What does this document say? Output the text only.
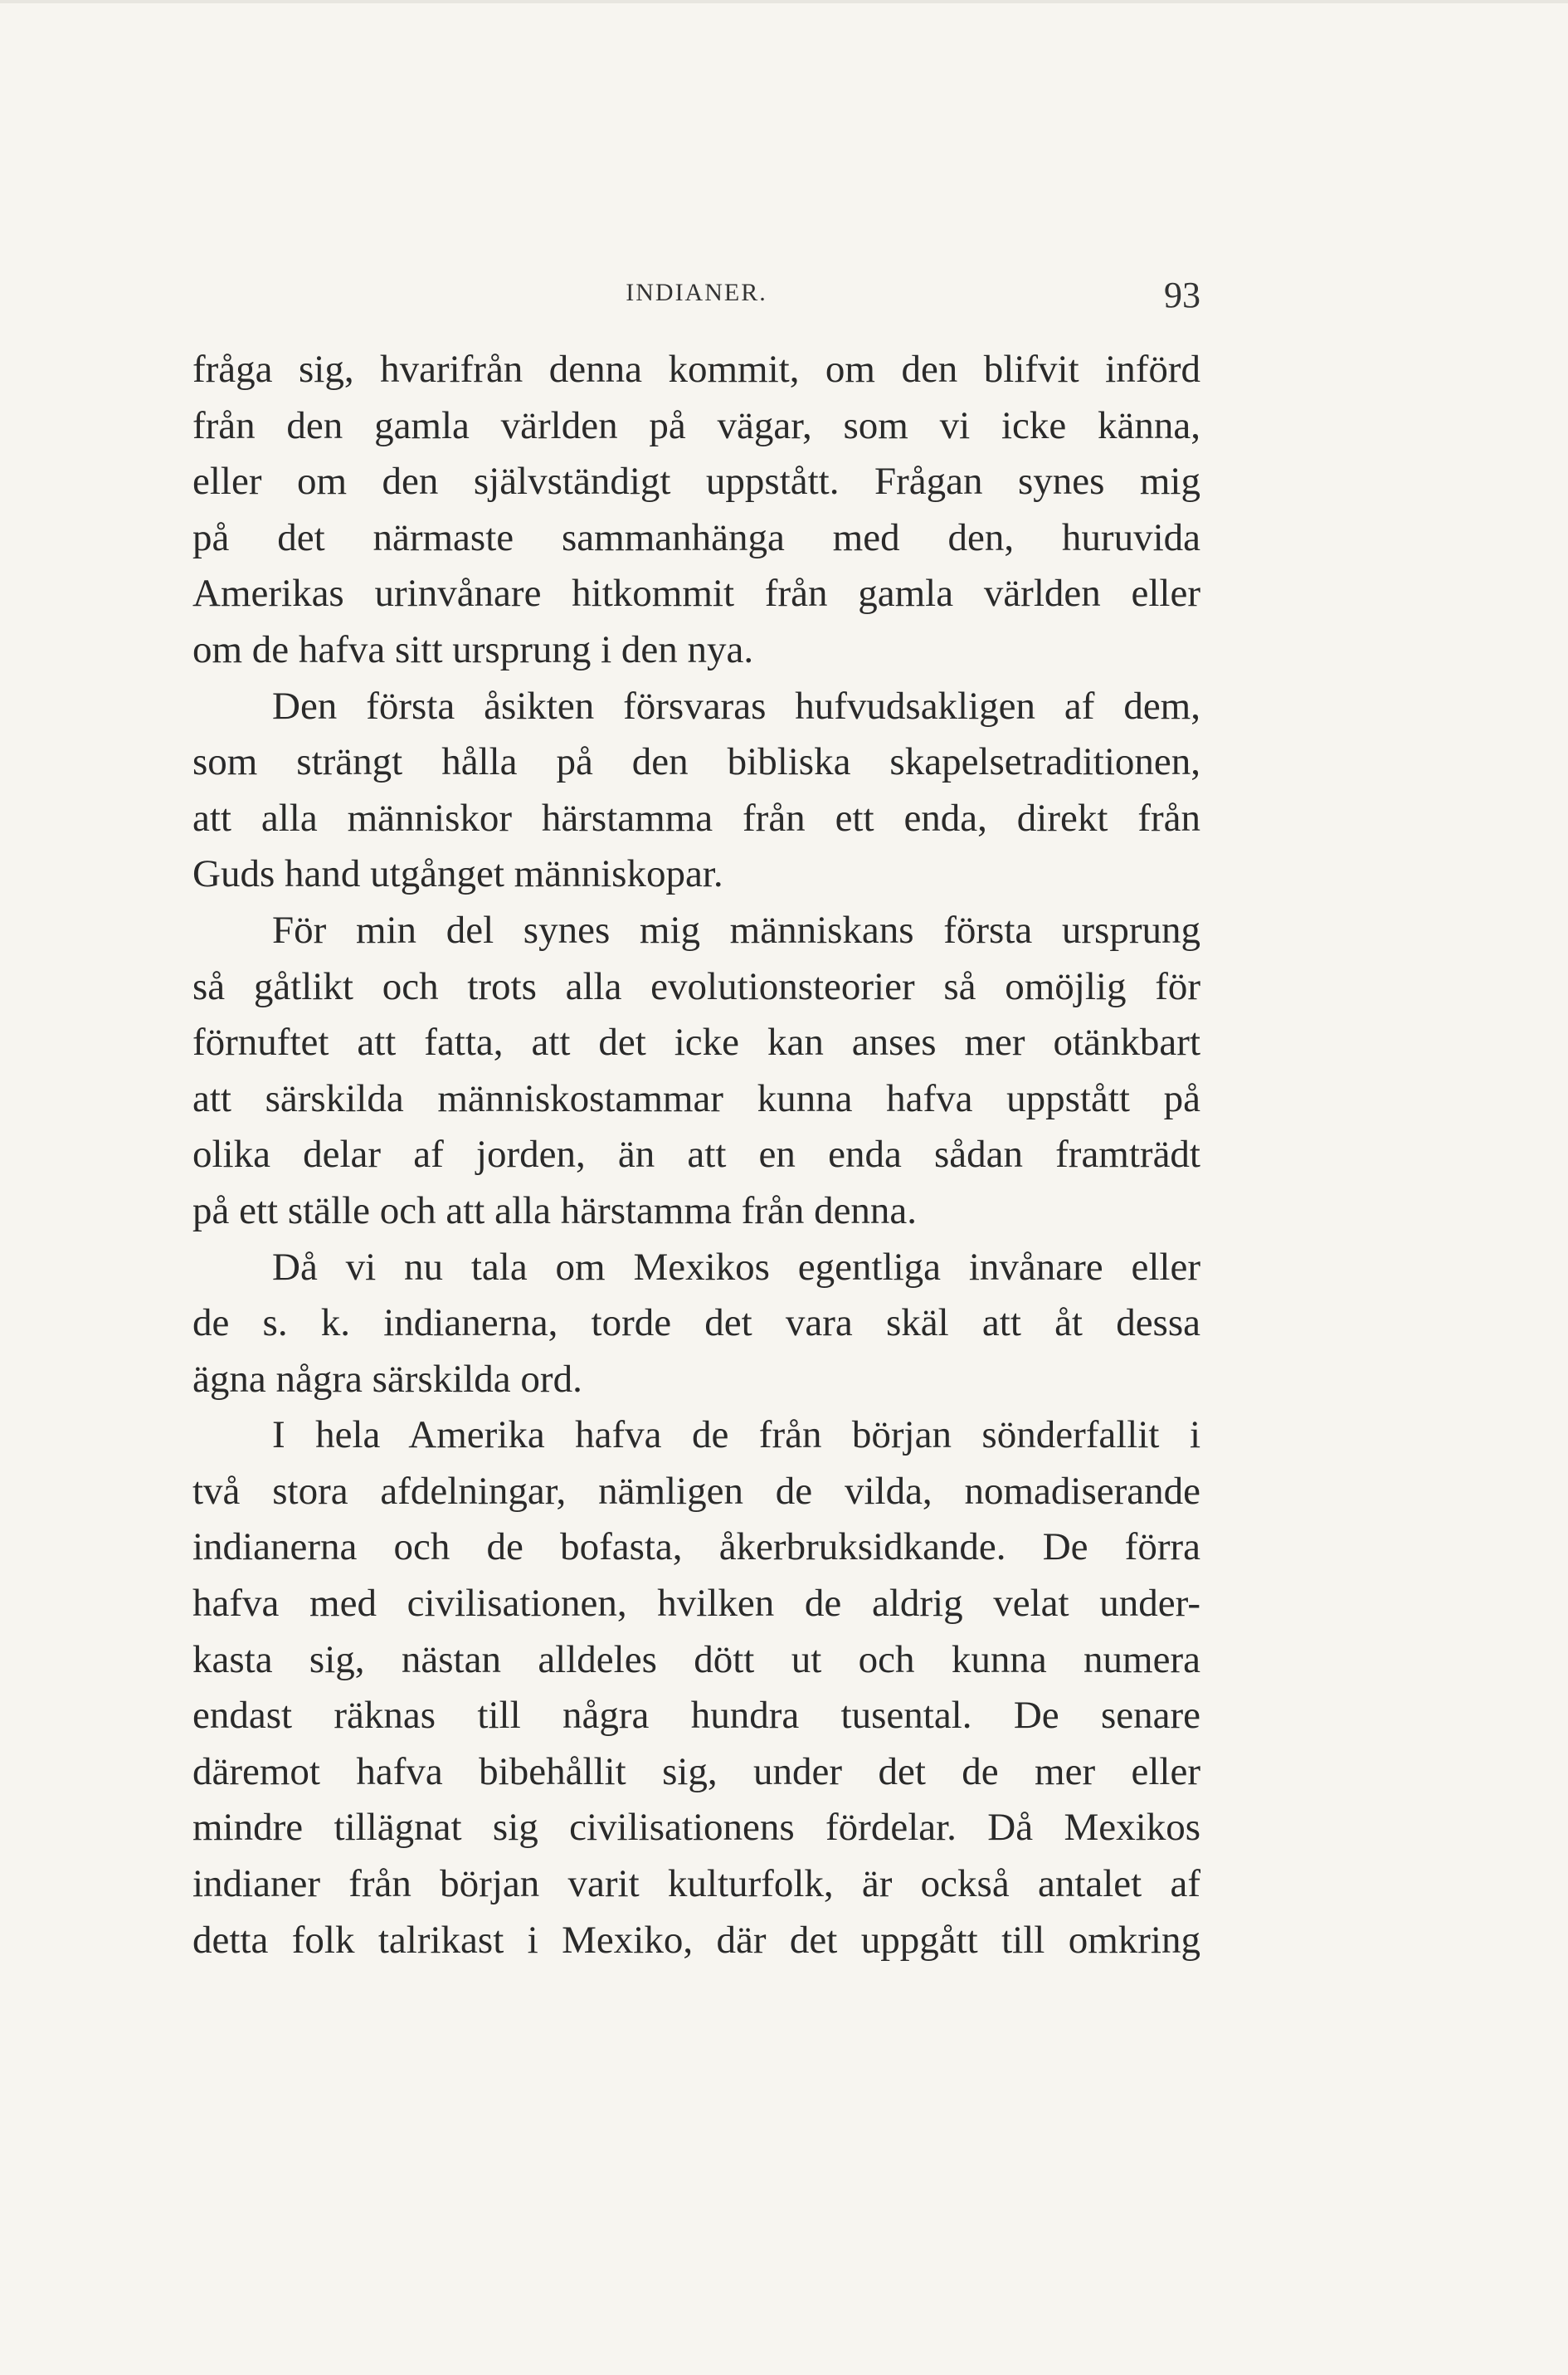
INDIANER.	93
fråga sig, hvarifrån denna kommit, om den blifvit införd
från den gamla världen på vägar, som vi icke känna,
eller om den självständigt uppstått. Frågan synes mig
på det närmaste sammanhänga med den, huruvida
Amerikas urinvånare hitkommit från gamla världen eller
om de hafva sitt ursprung i den nya.
Den första åsikten försvaras hufvudsakligen af dem,
som strängt hålla på den bibliska skapelsetraditionen,
att alla människor härstamma från ett enda, direkt från
Guds hand utgånget människopar.
För min del synes mig människans första ursprung
så gåtlikt och trots alla evolutionsteorier så omöjlig för
förnuftet att fatta, att det icke kan anses mer otänkbart
att särskilda människostammar kunna hafva uppstått på
olika delar af jorden, än att en enda sådan framträdt
på ett ställe och att alla härstamma från denna.
Då vi nu tala om Mexikos egentliga invånare eller
de s. k. indianerna, torde det vara skäl att åt dessa
ägna några särskilda ord.
I hela Amerika hafva de från början sönderfallit i
två stora afdelningar, nämligen de vilda, nomadiserande
indianerna och de bofasta, åkerbruksidkande. De förra
hafva med civilisationen, hvilken de aldrig velat under-
kasta sig, nästan alldeles dött ut och kunna numera
endast räknas till några hundra tusental. De senare
däremot hafva bibehållit sig, under det de mer eller
mindre tillägnat sig civilisationens fördelar. Då Mexikos
indianer från början varit kulturfolk, är också antalet af
detta folk talrikast i Mexiko, där det uppgått till omkring
